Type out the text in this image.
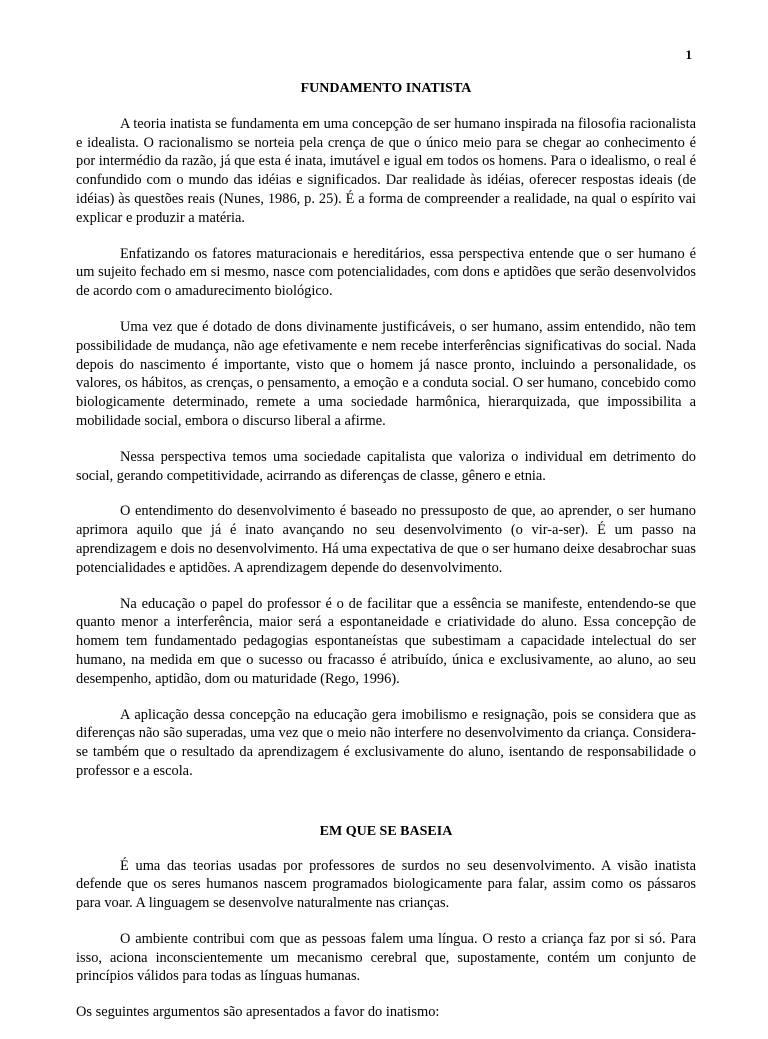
1
FUNDAMENTO INATISTA

A teoria inatista se fundamenta em uma concepção de ser humano inspirada na filosofia racionalista e idealista. O racionalismo se norteia pela crença de que o único meio para se chegar ao conhecimento é por intermédio da razão, já que esta é inata, imutável e igual em todos os homens. Para o idealismo, o real é confundido com o mundo das idéias e significados. Dar realidade às idéias, oferecer respostas ideais (de idéias) às questões reais (Nunes, 1986, p. 25). É a forma de compreender a realidade, na qual o espírito vai explicar e produzir a matéria.

Enfatizando os fatores maturacionais e hereditários, essa perspectiva entende que o ser humano é um sujeito fechado em si mesmo, nasce com potencialidades, com dons e aptidões que serão desenvolvidos de acordo com o amadurecimento biológico.

Uma vez que é dotado de dons divinamente justificáveis, o ser humano, assim entendido, não tem possibilidade de mudança, não age efetivamente e nem recebe interferências significativas do social. Nada depois do nascimento é importante, visto que o homem já nasce pronto, incluindo a personalidade, os valores, os hábitos, as crenças, o pensamento, a emoção e a conduta social. O ser humano, concebido como biologicamente determinado, remete a uma sociedade harmônica, hierarquizada, que impossibilita a mobilidade social, embora o discurso liberal a afirme.

Nessa perspectiva temos uma sociedade capitalista que valoriza o individual em detrimento do social, gerando competitividade, acirrando as diferenças de classe, gênero e etnia.

O entendimento do desenvolvimento é baseado no pressuposto de que, ao aprender, o ser humano aprimora aquilo que já é inato avançando no seu desenvolvimento (o vir-a-ser). É um passo na aprendizagem e dois no desenvolvimento. Há uma expectativa de que o ser humano deixe desabrochar suas potencialidades e aptidões. A aprendizagem depende do desenvolvimento.

Na educação o papel do professor é o de facilitar que a essência se manifeste, entendendo-se que quanto menor a interferência, maior será a espontaneidade e criatividade do aluno. Essa concepção de homem tem fundamentado pedagogias espontaneístas que subestimam a capacidade intelectual do ser humano, na medida em que o sucesso ou fracasso é atribuído, única e exclusivamente, ao aluno, ao seu desempenho, aptidão, dom ou maturidade (Rego, 1996).

A aplicação dessa concepção na educação gera imobilismo e resignação, pois se considera que as diferenças não são superadas, uma vez que o meio não interfere no desenvolvimento da criança. Considera-se também que o resultado da aprendizagem é exclusivamente do aluno, isentando de responsabilidade o professor e a escola.

EM QUE SE BASEIA

É uma das teorias usadas por professores de surdos no seu desenvolvimento. A visão inatista defende que os seres humanos nascem programados biologicamente para falar, assim como os pássaros para voar. A linguagem se desenvolve naturalmente nas crianças.

O ambiente contribui com que as pessoas falem uma língua. O resto a criança faz por si só. Para isso, aciona inconscientemente um mecanismo cerebral que, supostamente, contém um conjunto de princípios válidos para todas as línguas humanas.

Os seguintes argumentos são apresentados a favor do inatismo:
